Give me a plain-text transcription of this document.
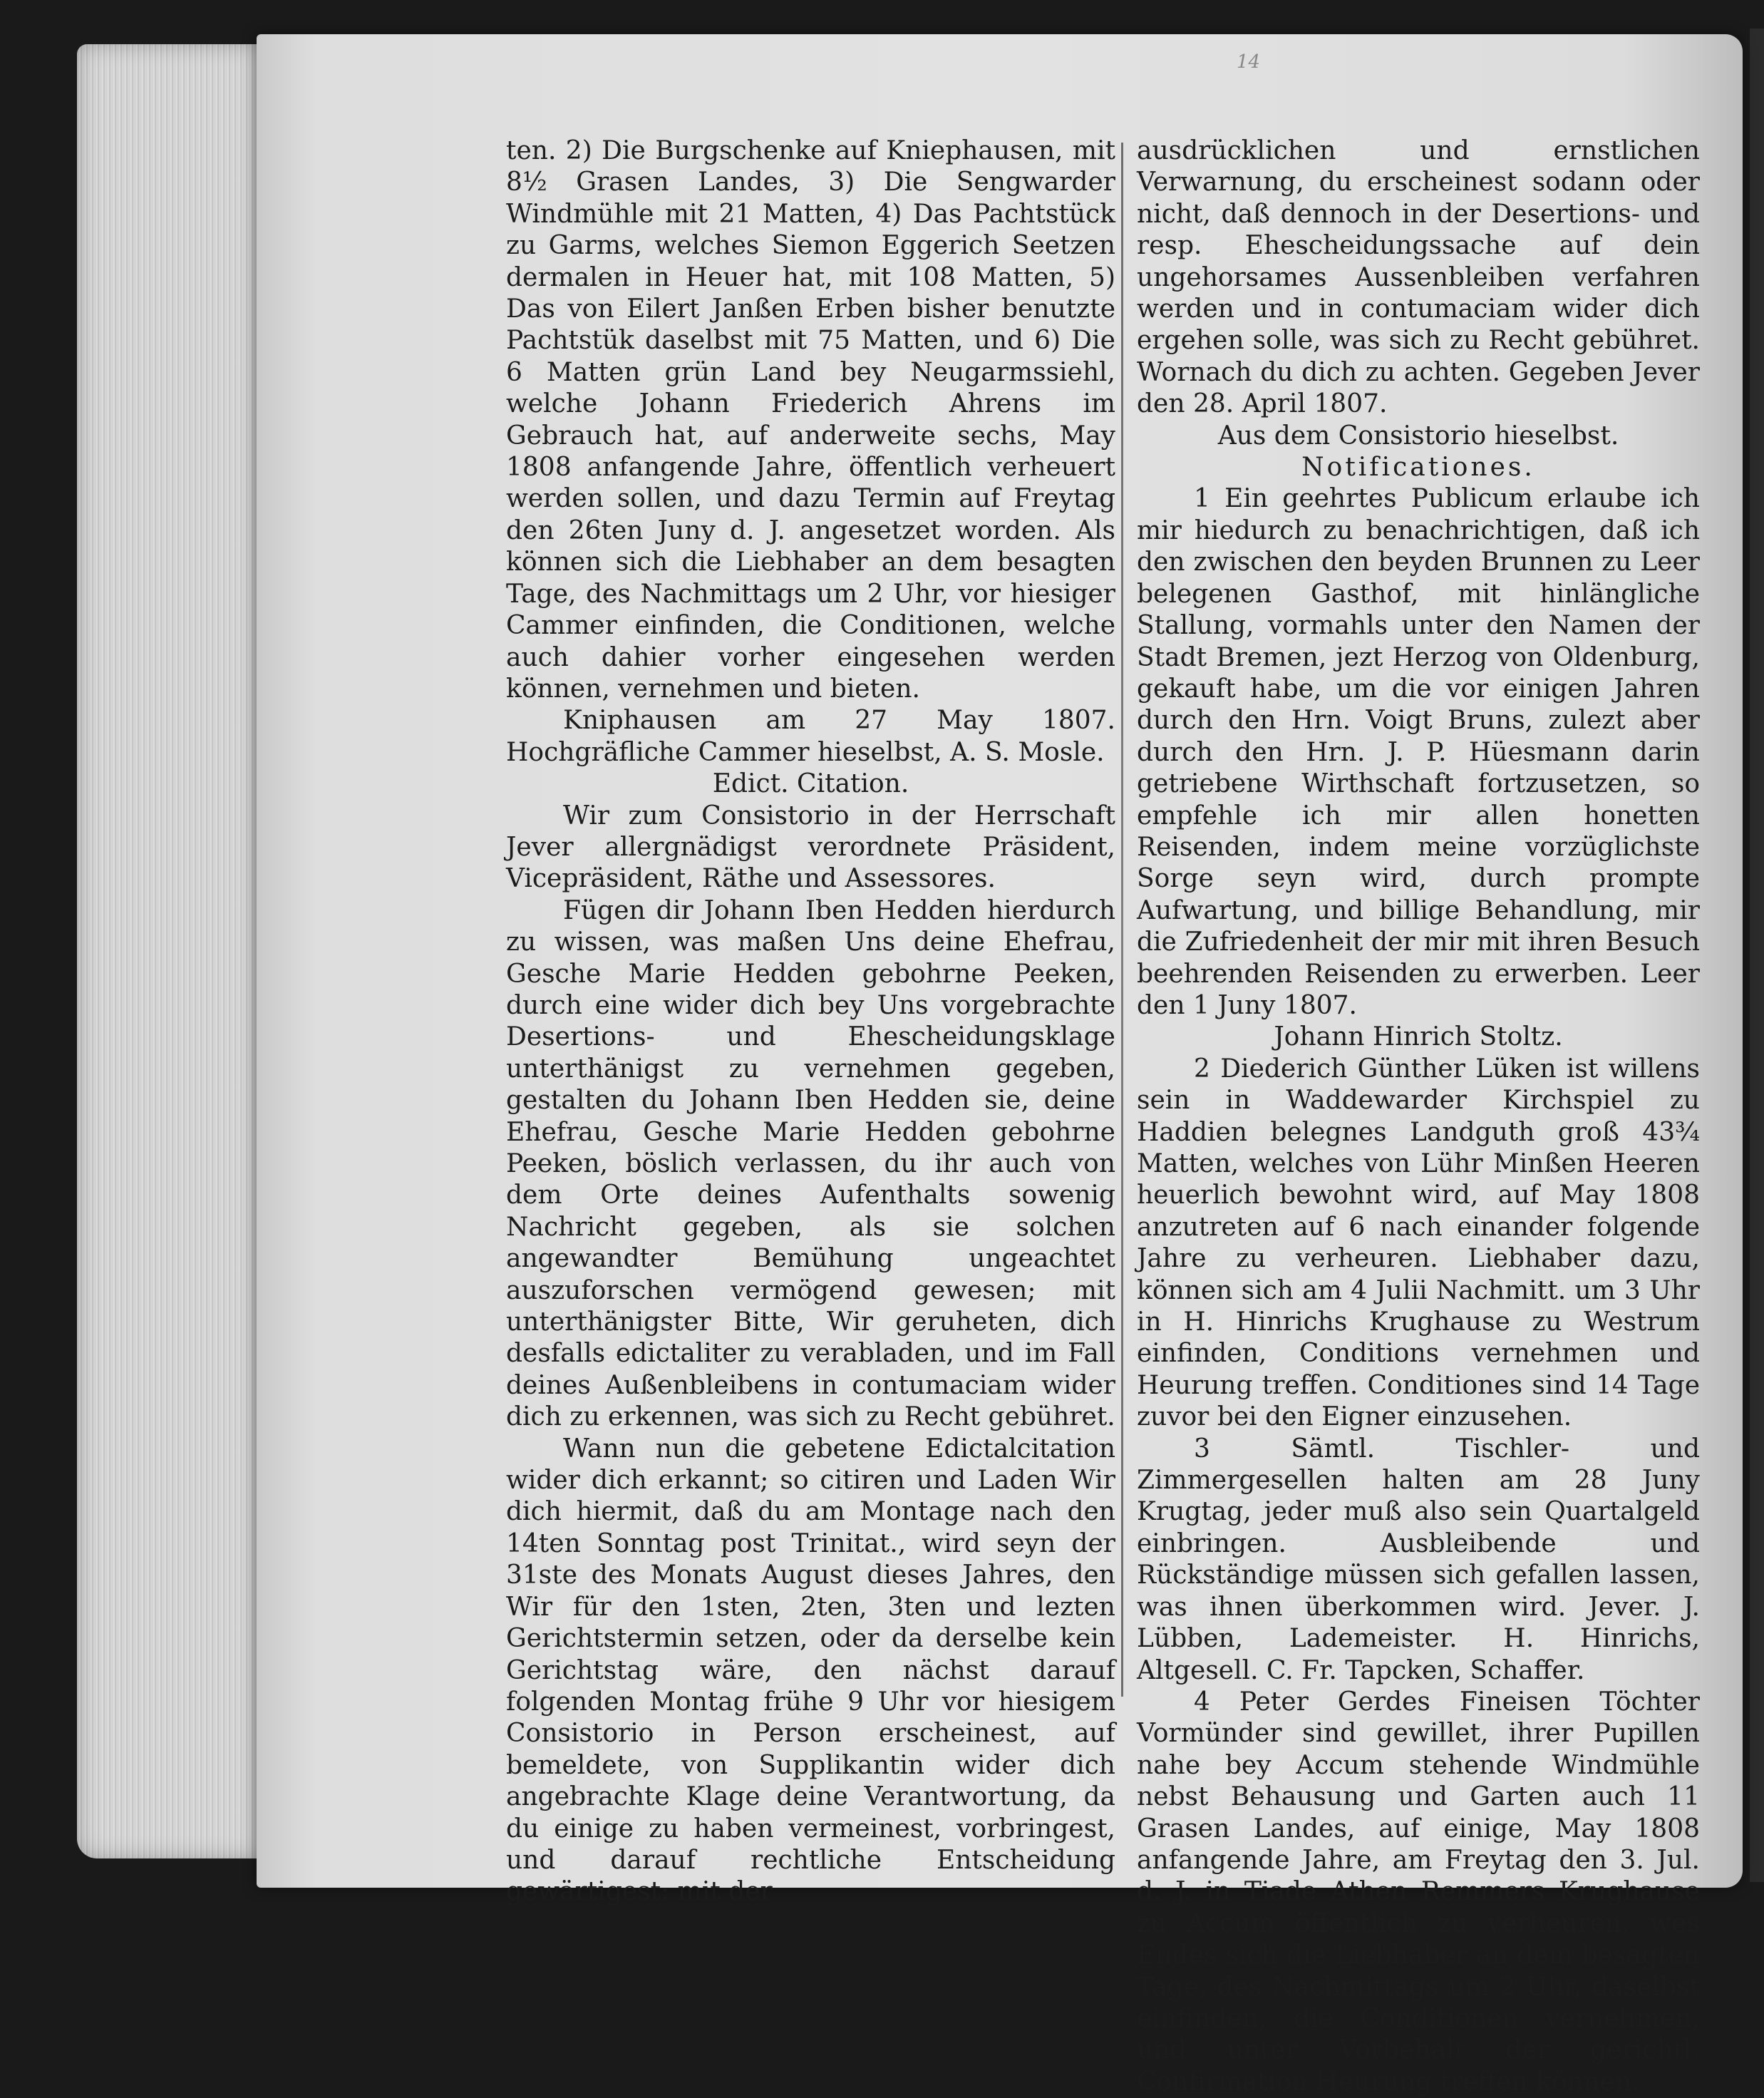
14

ten. 2) Die Burgschenke auf Kniephausen, mit 8½ Grasen Landes, 3) Die Sengwarder Windmühle mit 21 Matten, 4) Das Pachtstück zu Garms, welches Siemon Eggerich Seetzen dermalen in Heuer hat, mit 108 Matten, 5) Das von Eilert Janßen Erben bisher benutzte Pachtstük daselbst mit 75 Matten, und 6) Die 6 Matten grün Land bey Neugarmssiehl, welche Johann Friederich Ahrens im Gebrauch hat, auf anderweite sechs, May 1808 anfangende Jahre, öffentlich verheuert werden sollen, und dazu Termin auf Freytag den 26ten Juny d. J. angesetzet worden. Als können sich die Liebhaber an dem besagten Tage, des Nachmittags um 2 Uhr, vor hiesiger Cammer einfinden, die Conditionen, welche auch dahier vorher eingesehen werden können, vernehmen und bieten.

Kniphausen am 27 May 1807. Hochgräfliche Cammer hieselbst, A. S. Mosle.

Edict. Citation.

Wir zum Consistorio in der Herrschaft Jever allergnädigst verordnete Präsident, Vicepräsident, Räthe und Assessores.

Fügen dir Johann Iben Hedden hierdurch zu wissen, was maßen Uns deine Ehefrau, Gesche Marie Hedden gebohrne Peeken, durch eine wider dich bey Uns vorgebrachte Desertions- und Ehescheidungsklage unterthänigst zu vernehmen gegeben, gestalten du Johann Iben Hedden sie, deine Ehefrau, Gesche Marie Hedden gebohrne Peeken, böslich verlassen, du ihr auch von dem Orte deines Aufenthalts sowenig Nachricht gegeben, als sie solchen angewandter Bemühung ungeachtet auszuforschen vermögend gewesen; mit unterthänigster Bitte, Wir geruheten, dich desfalls edictaliter zu verabladen, und im Fall deines Außenbleibens in contumaciam wider dich zu erkennen, was sich zu Recht gebühret.

Wann nun die gebetene Edictalcitation wider dich erkannt; so citiren und Laden Wir dich hiermit, daß du am Montage nach den 14ten Sonntag post Trinitat., wird seyn der 31ste des Monats August dieses Jahres, den Wir für den 1sten, 2ten, 3ten und lezten Gerichtstermin setzen, oder da derselbe kein Gerichtstag wäre, den nächst darauf folgenden Montag frühe 9 Uhr vor hiesigem Consistorio in Person erscheinest, auf bemeldete, von Supplikantin wider dich angebrachte Klage deine Verantwortung, da du einige zu haben vermeinest, vorbringest, und darauf rechtliche Entscheidung gewärtigest: mit der

ausdrücklichen und ernstlichen Verwarnung, du erscheinest sodann oder nicht, daß dennoch in der Desertions- und resp. Ehescheidungssache auf dein ungehorsames Aussenbleiben verfahren werden und in contumaciam wider dich ergehen solle, was sich zu Recht gebühret. Wornach du dich zu achten. Gegeben Jever den 28. April 1807.

Aus dem Consistorio hieselbst.

Notificationes.

1 Ein geehrtes Publicum erlaube ich mir hiedurch zu benachrichtigen, daß ich den zwischen den beyden Brunnen zu Leer belegenen Gasthof, mit hinlängliche Stallung, vormahls unter den Namen der Stadt Bremen, jezt Herzog von Oldenburg, gekauft habe, um die vor einigen Jahren durch den Hrn. Voigt Bruns, zulezt aber durch den Hrn. J. P. Hüesmann darin getriebene Wirthschaft fortzusetzen, so empfehle ich mir allen honetten Reisenden, indem meine vorzüglichste Sorge seyn wird, durch prompte Aufwartung, und billige Behandlung, mir die Zufriedenheit der mir mit ihren Besuch beehrenden Reisenden zu erwerben. Leer den 1 Juny 1807.

Johann Hinrich Stoltz.

2 Diederich Günther Lüken ist willens sein in Waddewarder Kirchspiel zu Haddien belegnes Landguth groß 43¾ Matten, welches von Lühr Minßen Heeren heuerlich bewohnt wird, auf May 1808 anzutreten auf 6 nach einander folgende Jahre zu verheuren. Liebhaber dazu, können sich am 4 Julii Nachmitt. um 3 Uhr in H. Hinrichs Krughause zu Westrum einfinden, Conditions vernehmen und Heurung treffen. Conditiones sind 14 Tage zuvor bei den Eigner einzusehen.

3 Sämtl. Tischler- und Zimmergesellen halten am 28 Juny Krugtag, jeder muß also sein Quartalgeld einbringen. Ausbleibende und Rückständige müssen sich gefallen lassen, was ihnen überkommen wird. Jever. J. Lübben, Lademeister. H. Hinrichs, Altgesell. C. Fr. Tapcken, Schaffer.

4 Peter Gerdes Fineisen Töchter Vormünder sind gewillet, ihrer Pupillen nahe bey Accum stehende Windmühle nebst Behausung und Garten auch 11 Grasen Landes, auf einige, May 1808 anfangende Jahre, am Freytag den 3. Jul. d. J. in Tiade Athen Remmers Krughause zu Accum öffentlich zu verheuren, wes Endes sich die Liebhaber an dem besagten Tage, des Nachmittags um 2 Uhr, daselbst einfinden, die Conditionen vernehmen, und unter Vorbehalt der gerichtl. Confirmation Heurung treffen können.
